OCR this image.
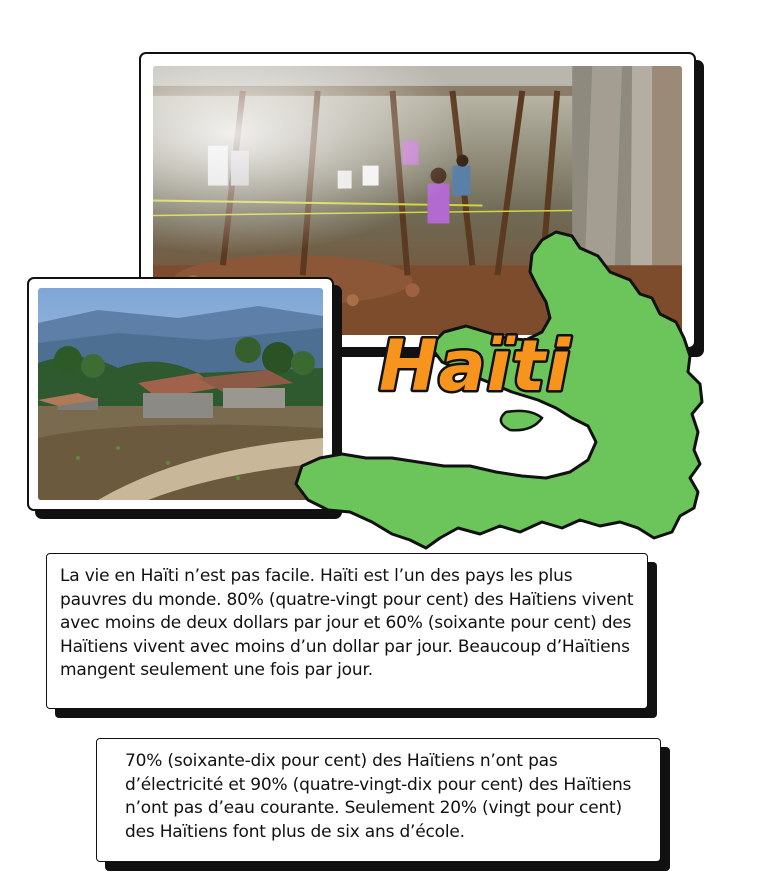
Haïti

La vie en Haïti n’est pas facile. Haïti est l’un des pays les plus pauvres du monde. 80% (quatre-vingt pour cent) des Haïtiens vivent avec moins de deux dollars par jour et 60% (soixante pour cent) des Haïtiens vivent avec moins d’un dollar par jour. Beaucoup d’Haïtiens mangent seulement une fois par jour.

70% (soixante-dix pour cent) des Haïtiens n’ont pas d’électricité et 90% (quatre-vingt-dix pour cent) des Haïtiens n’ont pas d’eau courante. Seulement 20% (vingt pour cent) des Haïtiens font plus de six ans d’école.
